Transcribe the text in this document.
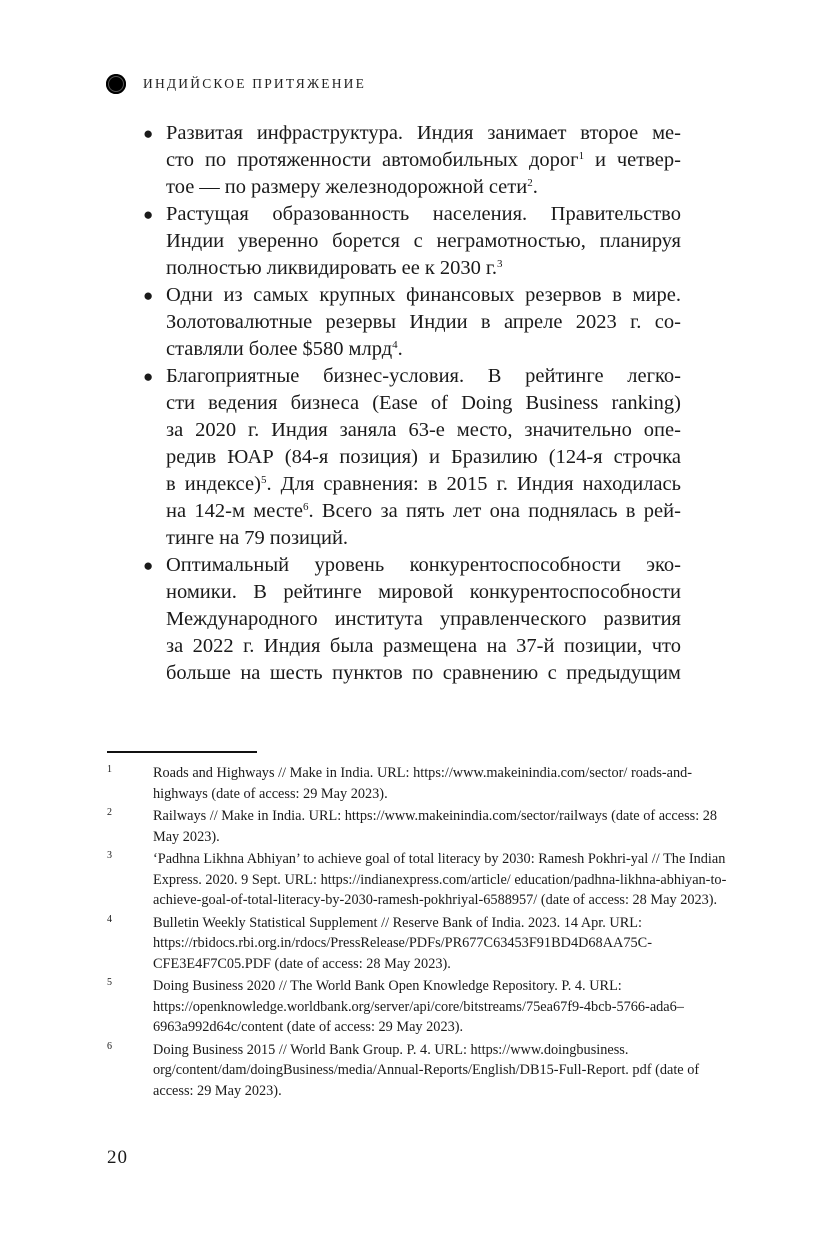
ИНДИЙСКОЕ ПРИТЯЖЕНИЕ
● Развитая инфраструктура. Индия занимает второе ме-
сто по протяженности автомобильных дорог$^1$ и четвер-
тое — по размеру железнодорожной сети$^2$.
● Растущая образованность населения. Правительство
Индии уверенно борется с неграмотностью, планируя
полностью ликвидировать ее к 2030 г.$^3$
● Одни из самых крупных финансовых резервов в мире.
Золотовалютные резервы Индии в апреле 2023 г. со-
ставляли более $580 млрд$^4$.
● Благоприятные бизнес-условия. В рейтинге легко-
сти ведения бизнеса (Ease of Doing Business ranking)
за 2020 г. Индия заняла 63-е место, значительно опе-
редив ЮАР (84-я позиция) и Бразилию (124-я строчка
в индексе)$^5$. Для сравнения: в 2015 г. Индия находилась
на 142-м месте$^6$. Всего за пять лет она поднялась в рей-
тинге на 79 позиций.
● Оптимальный уровень конкурентоспособности эко-
номики. В рейтинге мировой конкурентоспособности
Международного института управленческого развития
за 2022 г. Индия была размещена на 37-й позиции, что
больше на шесть пунктов по сравнению с предыдущим
1	Roads and Highways // Make in India. URL: https://www.makeinindia.com/sector/ roads-and-highways (date of access: 29 May 2023).
2	Railways // Make in India. URL: https://www.makeinindia.com/sector/railways (date of access: 28 May 2023).
3	‘Padhna Likhna Abhiyan’ to achieve goal of total literacy by 2030: Ramesh Pokhri-yal // The Indian Express. 2020. 9 Sept. URL: https://indianexpress.com/article/ education/padhna-likhna-abhiyan-to-achieve-goal-of-total-literacy-by-2030-ramesh-pokhriyal-6588957/ (date of access: 28 May 2023).
4	Bulletin Weekly Statistical Supplement // Reserve Bank of India. 2023. 14 Apr. URL: https://rbidocs.rbi.org.in/rdocs/PressRelease/PDFs/PR677C63453F91BD4D68AA75C-CFE3E4F7C05.PDF (date of access: 28 May 2023).
5	Doing Business 2020 // The World Bank Open Knowledge Repository. P. 4. URL: https://openknowledge.worldbank.org/server/api/core/bitstreams/75ea67f9-4bcb-5766-ada6–6963a992d64c/content (date of access: 29 May 2023).
6	Doing Business 2015 // World Bank Group. P. 4. URL: https://www.doingbusiness. org/content/dam/doingBusiness/media/Annual-Reports/English/DB15-Full-Report. pdf (date of access: 29 May 2023).
20
